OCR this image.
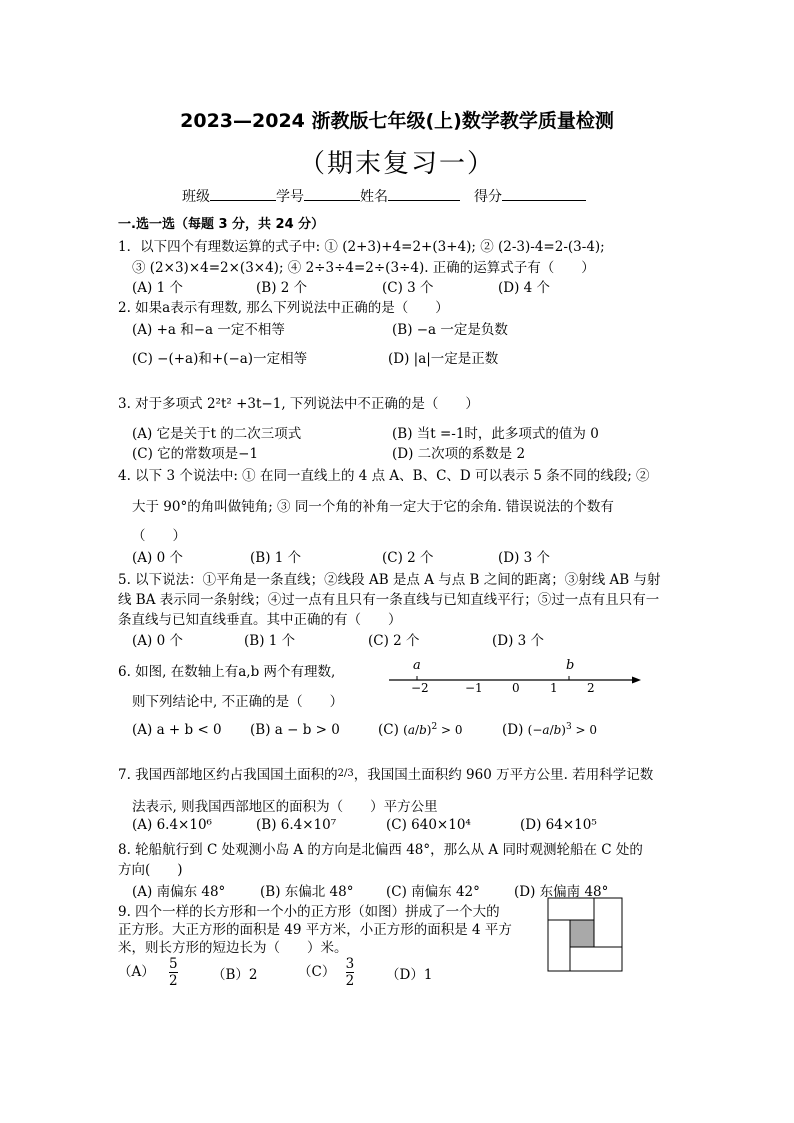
2023—2024 浙教版七年级(上)数学教学质量检测
（期末复习一）
班级	学号	姓名	得分
一.选一选（每题 3 分，共 24 分）
1．以下四个有理数运算的式子中: ① (2+3)+4=2+(3+4); ② (2-3)-4=2-(3-4);
③ (2×3)×4=2×(3×4); ④ 2÷3÷4=2÷(3÷4). 正确的运算式子有（　　）
(A) 1 个	(B) 2 个	(C) 3 个	(D) 4 个
2. 如果a表示有理数, 那么下列说法中正确的是（　　）
(A) +a 和−a 一定不相等	(B) −a 一定是负数
(C) −(+a)和+(−a)一定相等	(D) |a|一定是正数
3. 对于多项式 2²t² +3t−1, 下列说法中不正确的是（　　）
(A) 它是关于t 的二次三项式	(B) 当t =-1时，此多项式的值为 0
(C) 它的常数项是−1	(D) 二次项的系数是 2
4. 以下 3 个说法中: ① 在同一直线上的 4 点 A、B、C、D 可以表示 5 条不同的线段; ②
大于 90°的角叫做钝角; ③ 同一个角的补角一定大于它的余角. 错误说法的个数有
（　　）
(A) 0 个	(B) 1 个	(C) 2 个	(D) 3 个
5. 以下说法：①平角是一条直线；②线段 AB 是点 A 与点 B 之间的距离；③射线 AB 与射
线 BA 表示同一条射线；④过一点有且只有一条直线与已知直线平行；⑤过一点有且只有一
条直线与已知直线垂直。其中正确的有（　　）
(A) 0 个	(B) 1 个	(C) 2 个	(D) 3 个
6. 如图, 在数轴上有a,b 两个有理数,
则下列结论中, 不正确的是（　　）
a	b
−2	−1 0	1 2
(A) a + b < 0 (B) a − b > 0	(C) $(a/b)^2 > 0$	(D) $(-a/b)^3 > 0$
7. 我国西部地区约占我国国土面积的$^{2/3}$，我国国土面积约 960 万平方公里. 若用科学记数
法表示, 则我国西部地区的面积为（　　）平方公里
(A) 6.4×10⁶	(B) 6.4×10⁷	(C) 640×10⁴	(D) 64×10⁵
8. 轮船航行到 C 处观测小岛 A 的方向是北偏西 48°，那么从 A 同时观测轮船在 C 处的
方向(　　)
(A) 南偏东 48°	(B) 东偏北 48° (C) 南偏东 42°	(D) 东偏南 48°
9. 四个一样的长方形和一个小的正方形（如图）拼成了一个大的
正方形。大正方形的面积是 49 平方米，小正方形的面积是 4 平方
米，则长方形的短边长为（　　）米。
$(A) \frac{5}{2}$	（B）2	$(C) \frac{3}{2} (D)1$
